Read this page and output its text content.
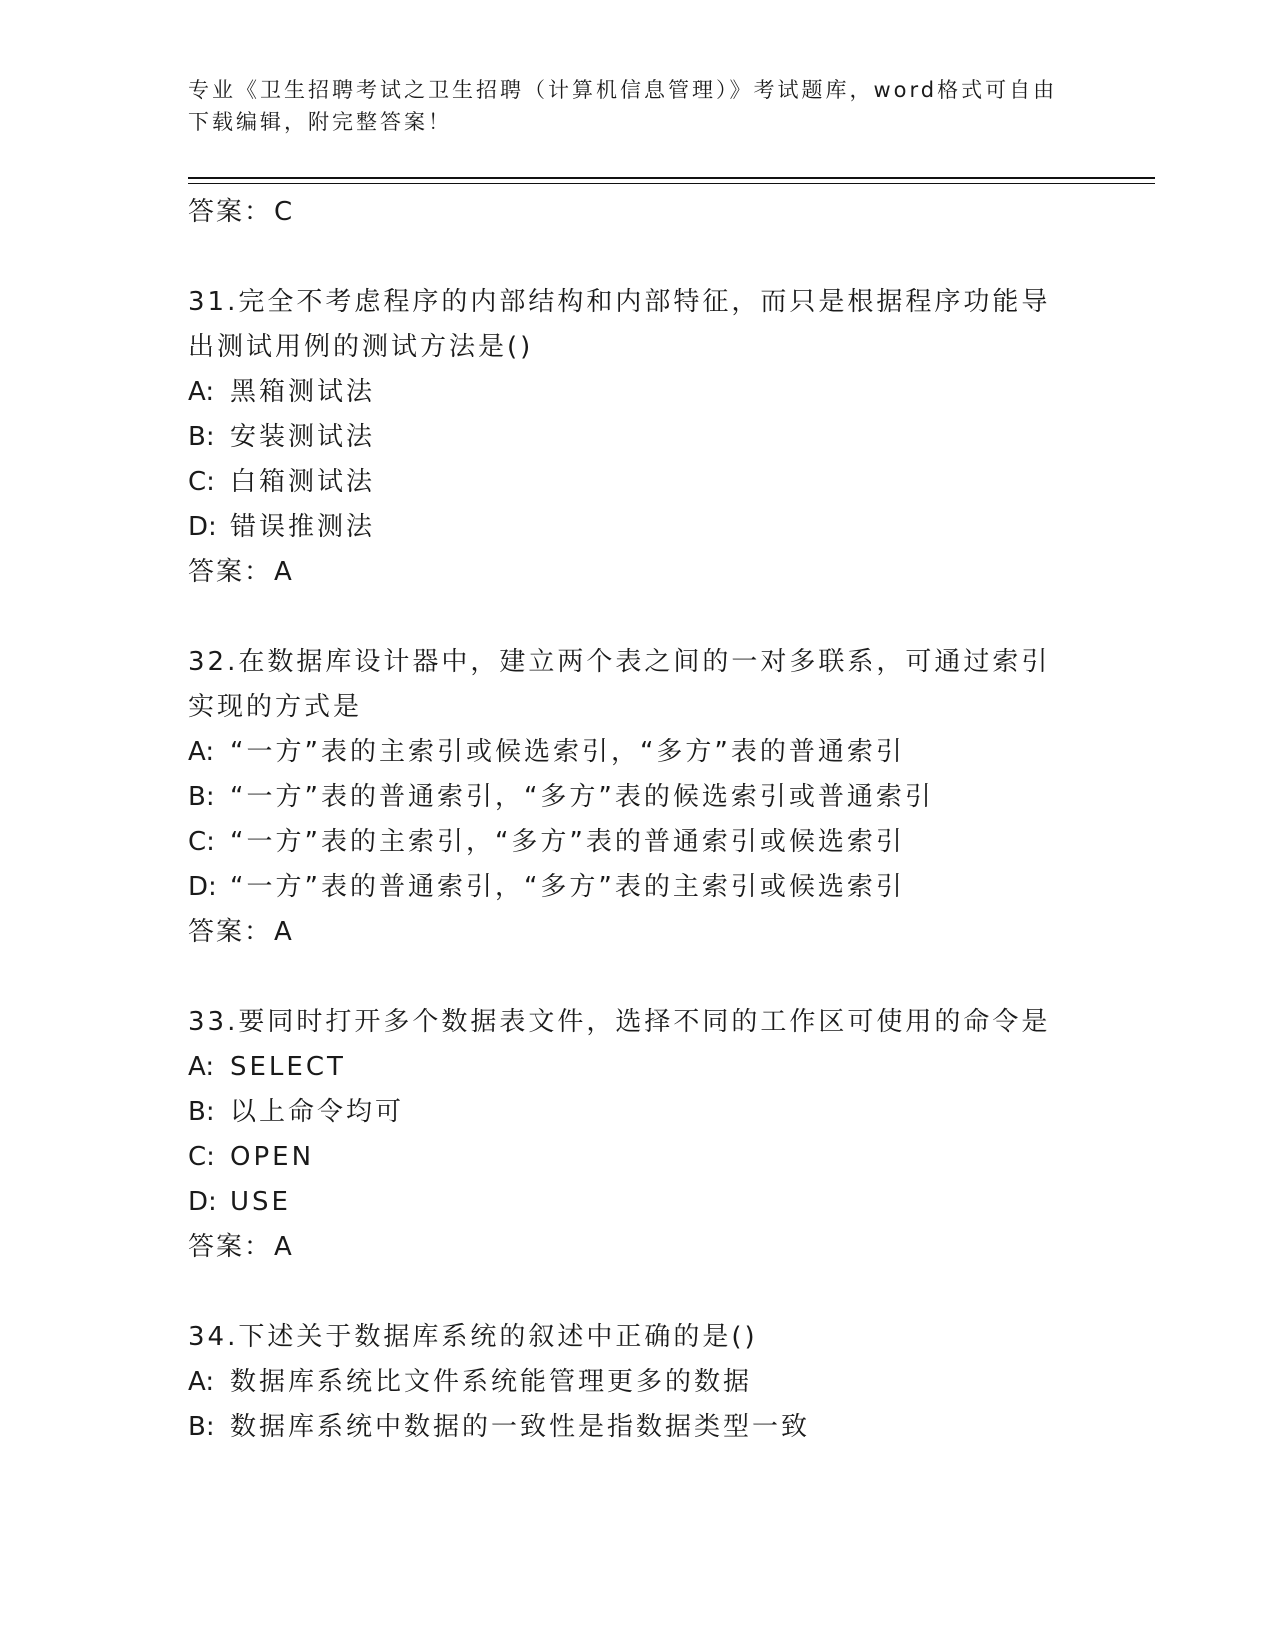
专业《卫生招聘考试之卫生招聘（计算机信息管理）》考试题库，word格式可自由下载编辑，附完整答案！

答案： C

31.完全不考虑程序的内部结构和内部特征，而只是根据程序功能导出测试用例的测试方法是()

A: 黑箱测试法

B: 安装测试法

C: 白箱测试法

D: 错误推测法

答案： A

32.在数据库设计器中，建立两个表之间的一对多联系，可通过索引实现的方式是

A: “一方”表的主索引或候选索引，“多方”表的普通索引

B: “一方”表的普通索引，“多方”表的候选索引或普通索引

C: “一方”表的主索引，“多方”表的普通索引或候选索引

D: “一方”表的普通索引，“多方”表的主索引或候选索引

答案： A

33.要同时打开多个数据表文件，选择不同的工作区可使用的命令是

A: SELECT

B: 以上命令均可

C: OPEN

D: USE

答案： A

34.下述关于数据库系统的叙述中正确的是()

A: 数据库系统比文件系统能管理更多的数据

B: 数据库系统中数据的一致性是指数据类型一致
